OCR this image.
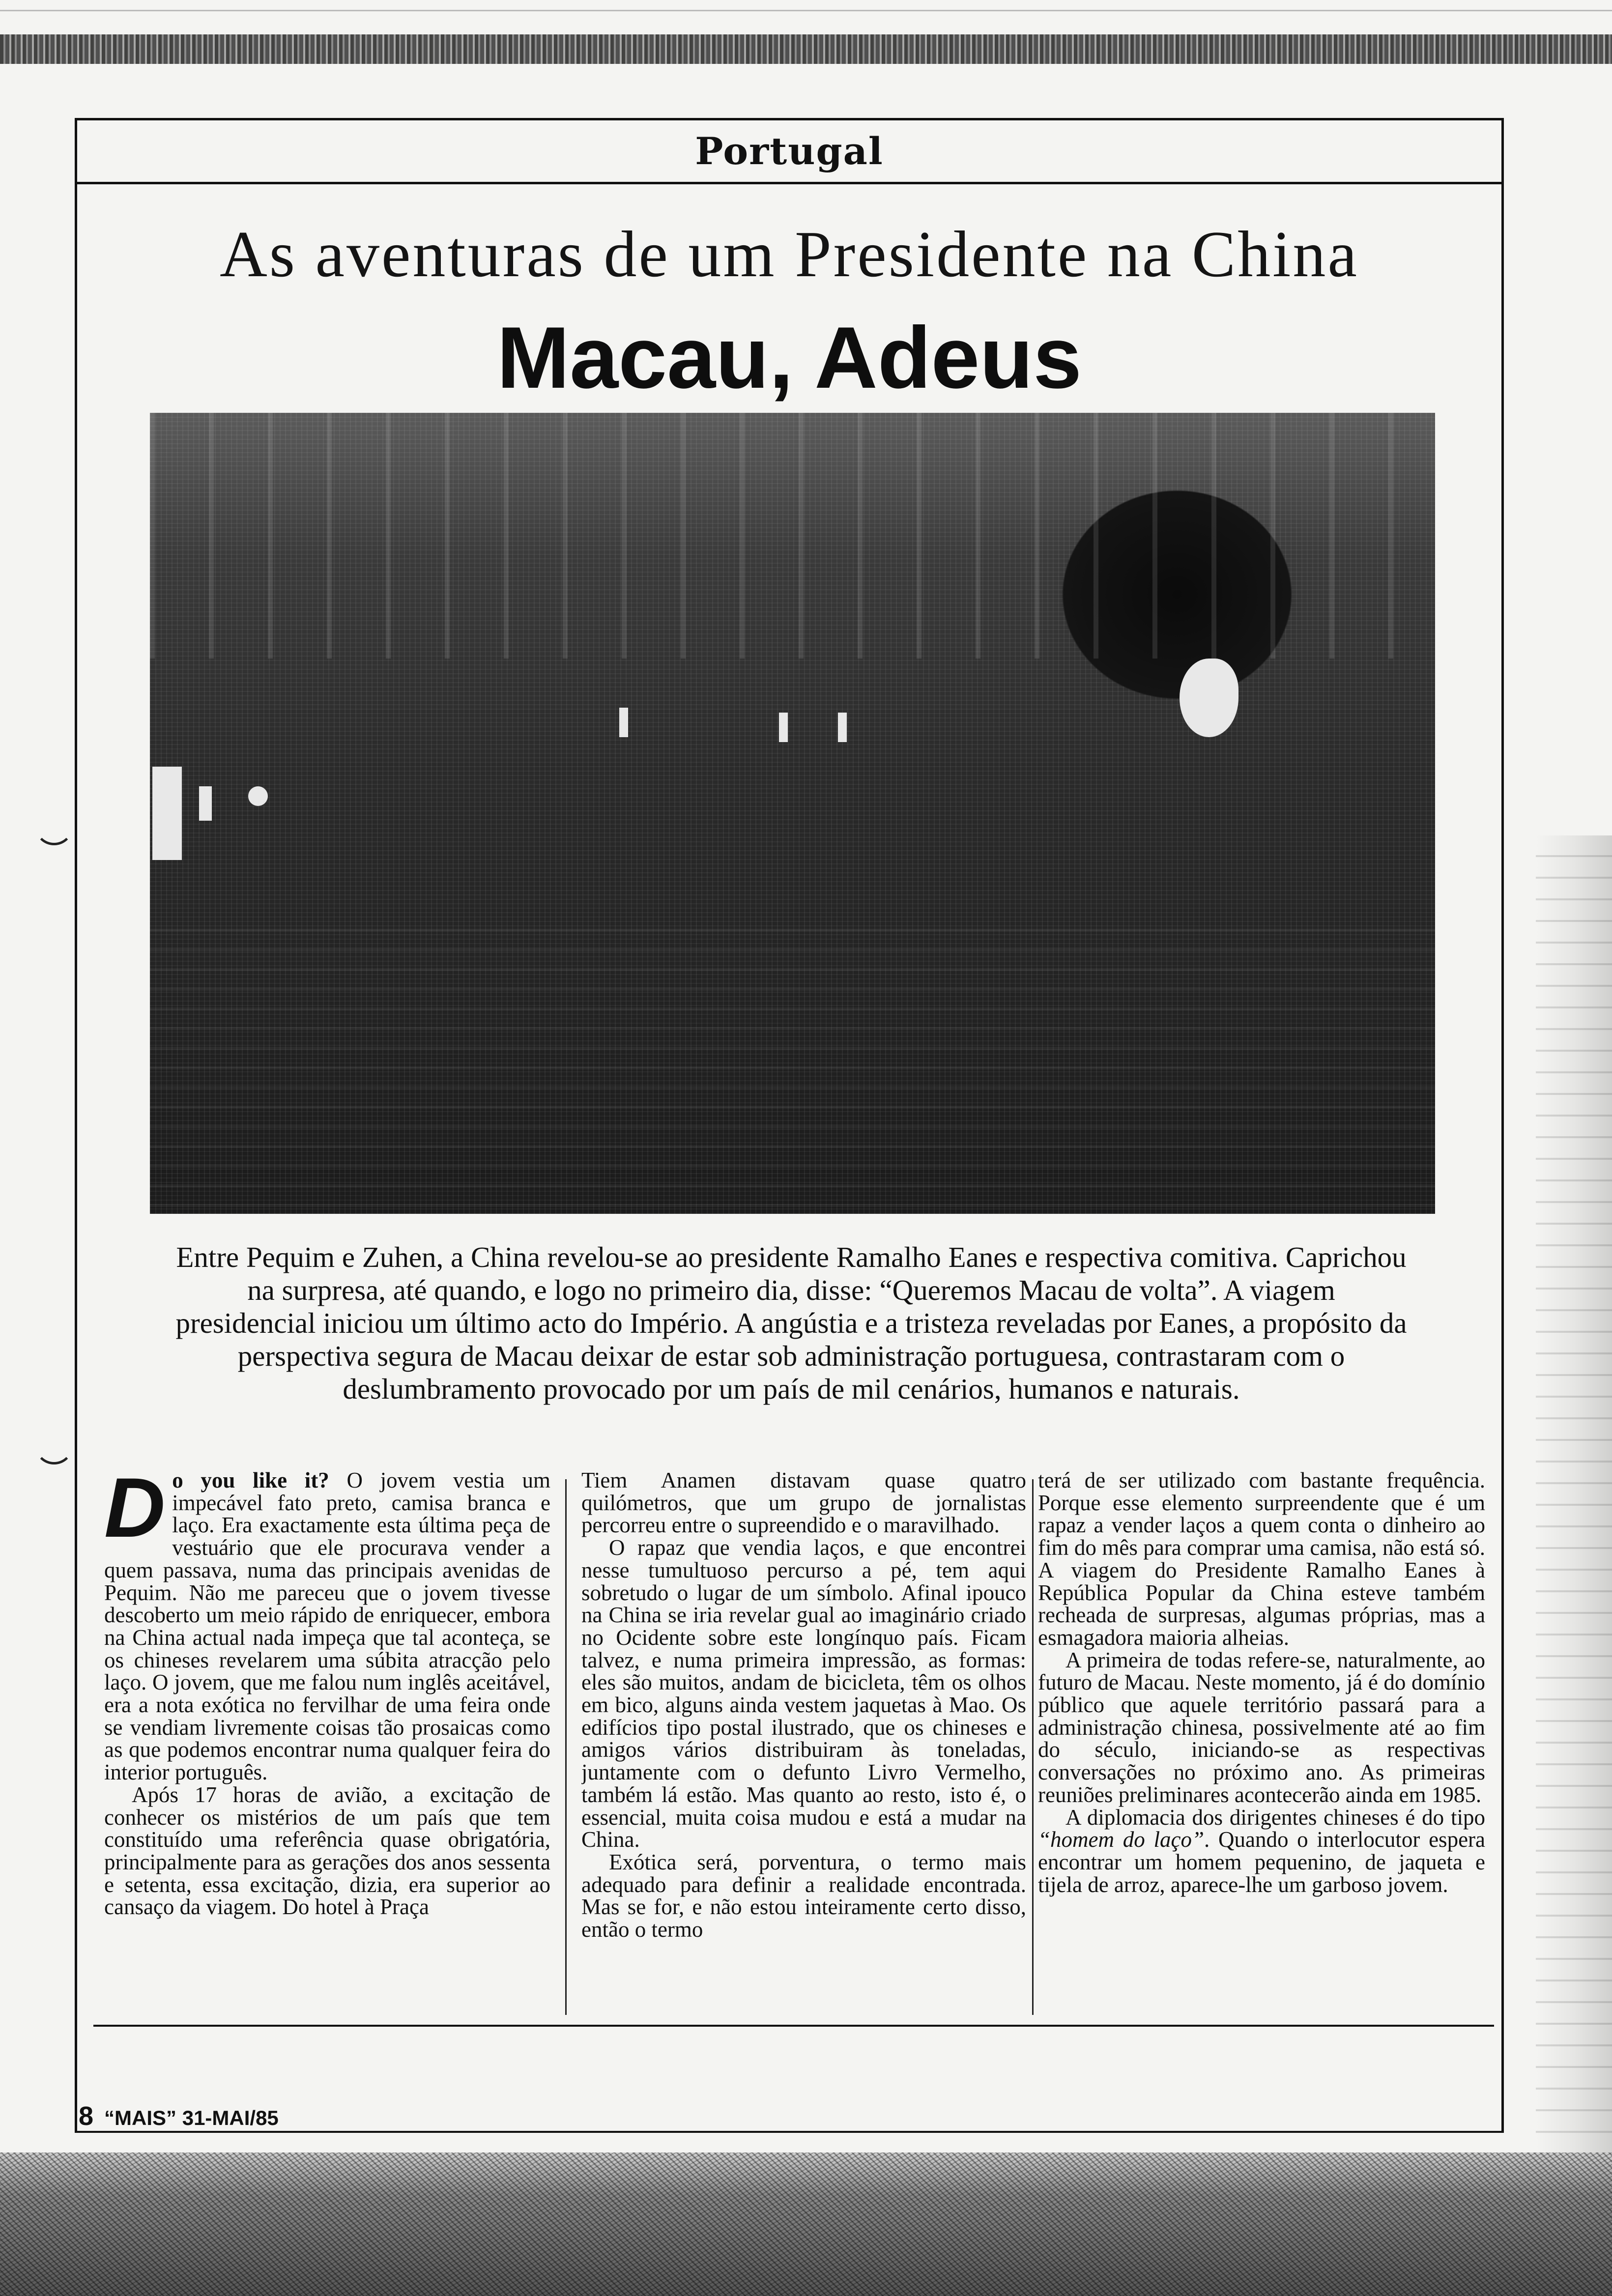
Portugal
As aventuras de um Presidente na China
Macau, Adeus
Entre Pequim e Zuhen, a China revelou-se ao presidente Ramalho Eanes e respectiva comitiva. Caprichou na surpresa, até quando, e logo no primeiro dia, disse: “Queremos Macau de volta”. A viagem presidencial iniciou um último acto do Império. A angústia e a tristeza reveladas por Eanes, a propósito da perspectiva segura de Macau deixar de estar sob administração portuguesa, contrastaram com o deslumbramento provocado por um país de mil cenários, humanos e naturais.

Do you like it? O jovem vestia um impecável fato preto, camisa branca e laço. Era exactamente esta última peça de vestuário que ele procurava vender a quem passava, numa das principais avenidas de Pequim. Não me pareceu que o jovem tivesse descoberto um meio rápido de enriquecer, embora na China actual nada impeça que tal aconteça, se os chineses revelarem uma súbita atracção pelo laço. O jovem, que me falou num inglês aceitável, era a nota exótica no fervilhar de uma feira onde se vendiam livremente coisas tão prosaicas como as que podemos encontrar numa qualquer feira do interior português.

Após 17 horas de avião, a excitação de conhecer os mistérios de um país que tem constituído uma referência quase obrigatória, principalmente para as gerações dos anos sessenta e setenta, essa excitação, dizia, era superior ao cansaço da viagem. Do hotel à Praça

Tiem Anamen distavam quase quatro quilómetros, que um grupo de jornalistas percorreu entre o supreendido e o maravilhado.

O rapaz que vendia laços, e que encontrei nesse tumultuoso percurso a pé, tem aqui sobretudo o lugar de um símbolo. Afinal ipouco na China se iria revelar gual ao imaginário criado no Ocidente sobre este longínquo país. Ficam talvez, e numa primeira impressão, as formas: eles são muitos, andam de bicicleta, têm os olhos em bico, alguns ainda vestem jaquetas à Mao. Os edifícios tipo postal ilustrado, que os chineses e amigos vários distribuiram às toneladas, juntamente com o defunto Livro Vermelho, também lá estão. Mas quanto ao resto, isto é, o essencial, muita coisa mudou e está a mudar na China.

Exótica será, porventura, o termo mais adequado para definir a realidade encontrada. Mas se for, e não estou inteiramente certo disso, então o termo

terá de ser utilizado com bastante frequência. Porque esse elemento surpreendente que é um rapaz a vender laços a quem conta o dinheiro ao fim do mês para comprar uma camisa, não está só. A viagem do Presidente Ramalho Eanes à República Popular da China esteve também recheada de surpresas, algumas próprias, mas a esmagadora maioria alheias.

A primeira de todas refere-se, naturalmente, ao futuro de Macau. Neste momento, já é do domínio público que aquele território passará para a administração chinesa, possivelmente até ao fim do século, iniciando-se as respectivas conversações no próximo ano. As primeiras reuniões preliminares acontecerão ainda em 1985.

A diplomacia dos dirigentes chineses é do tipo “homem do laço”. Quando o interlocutor espera encontrar um homem pequenino, de jaqueta e tijela de arroz, aparece-lhe um garboso jovem.

8 “MAIS” 31-MAI/85
